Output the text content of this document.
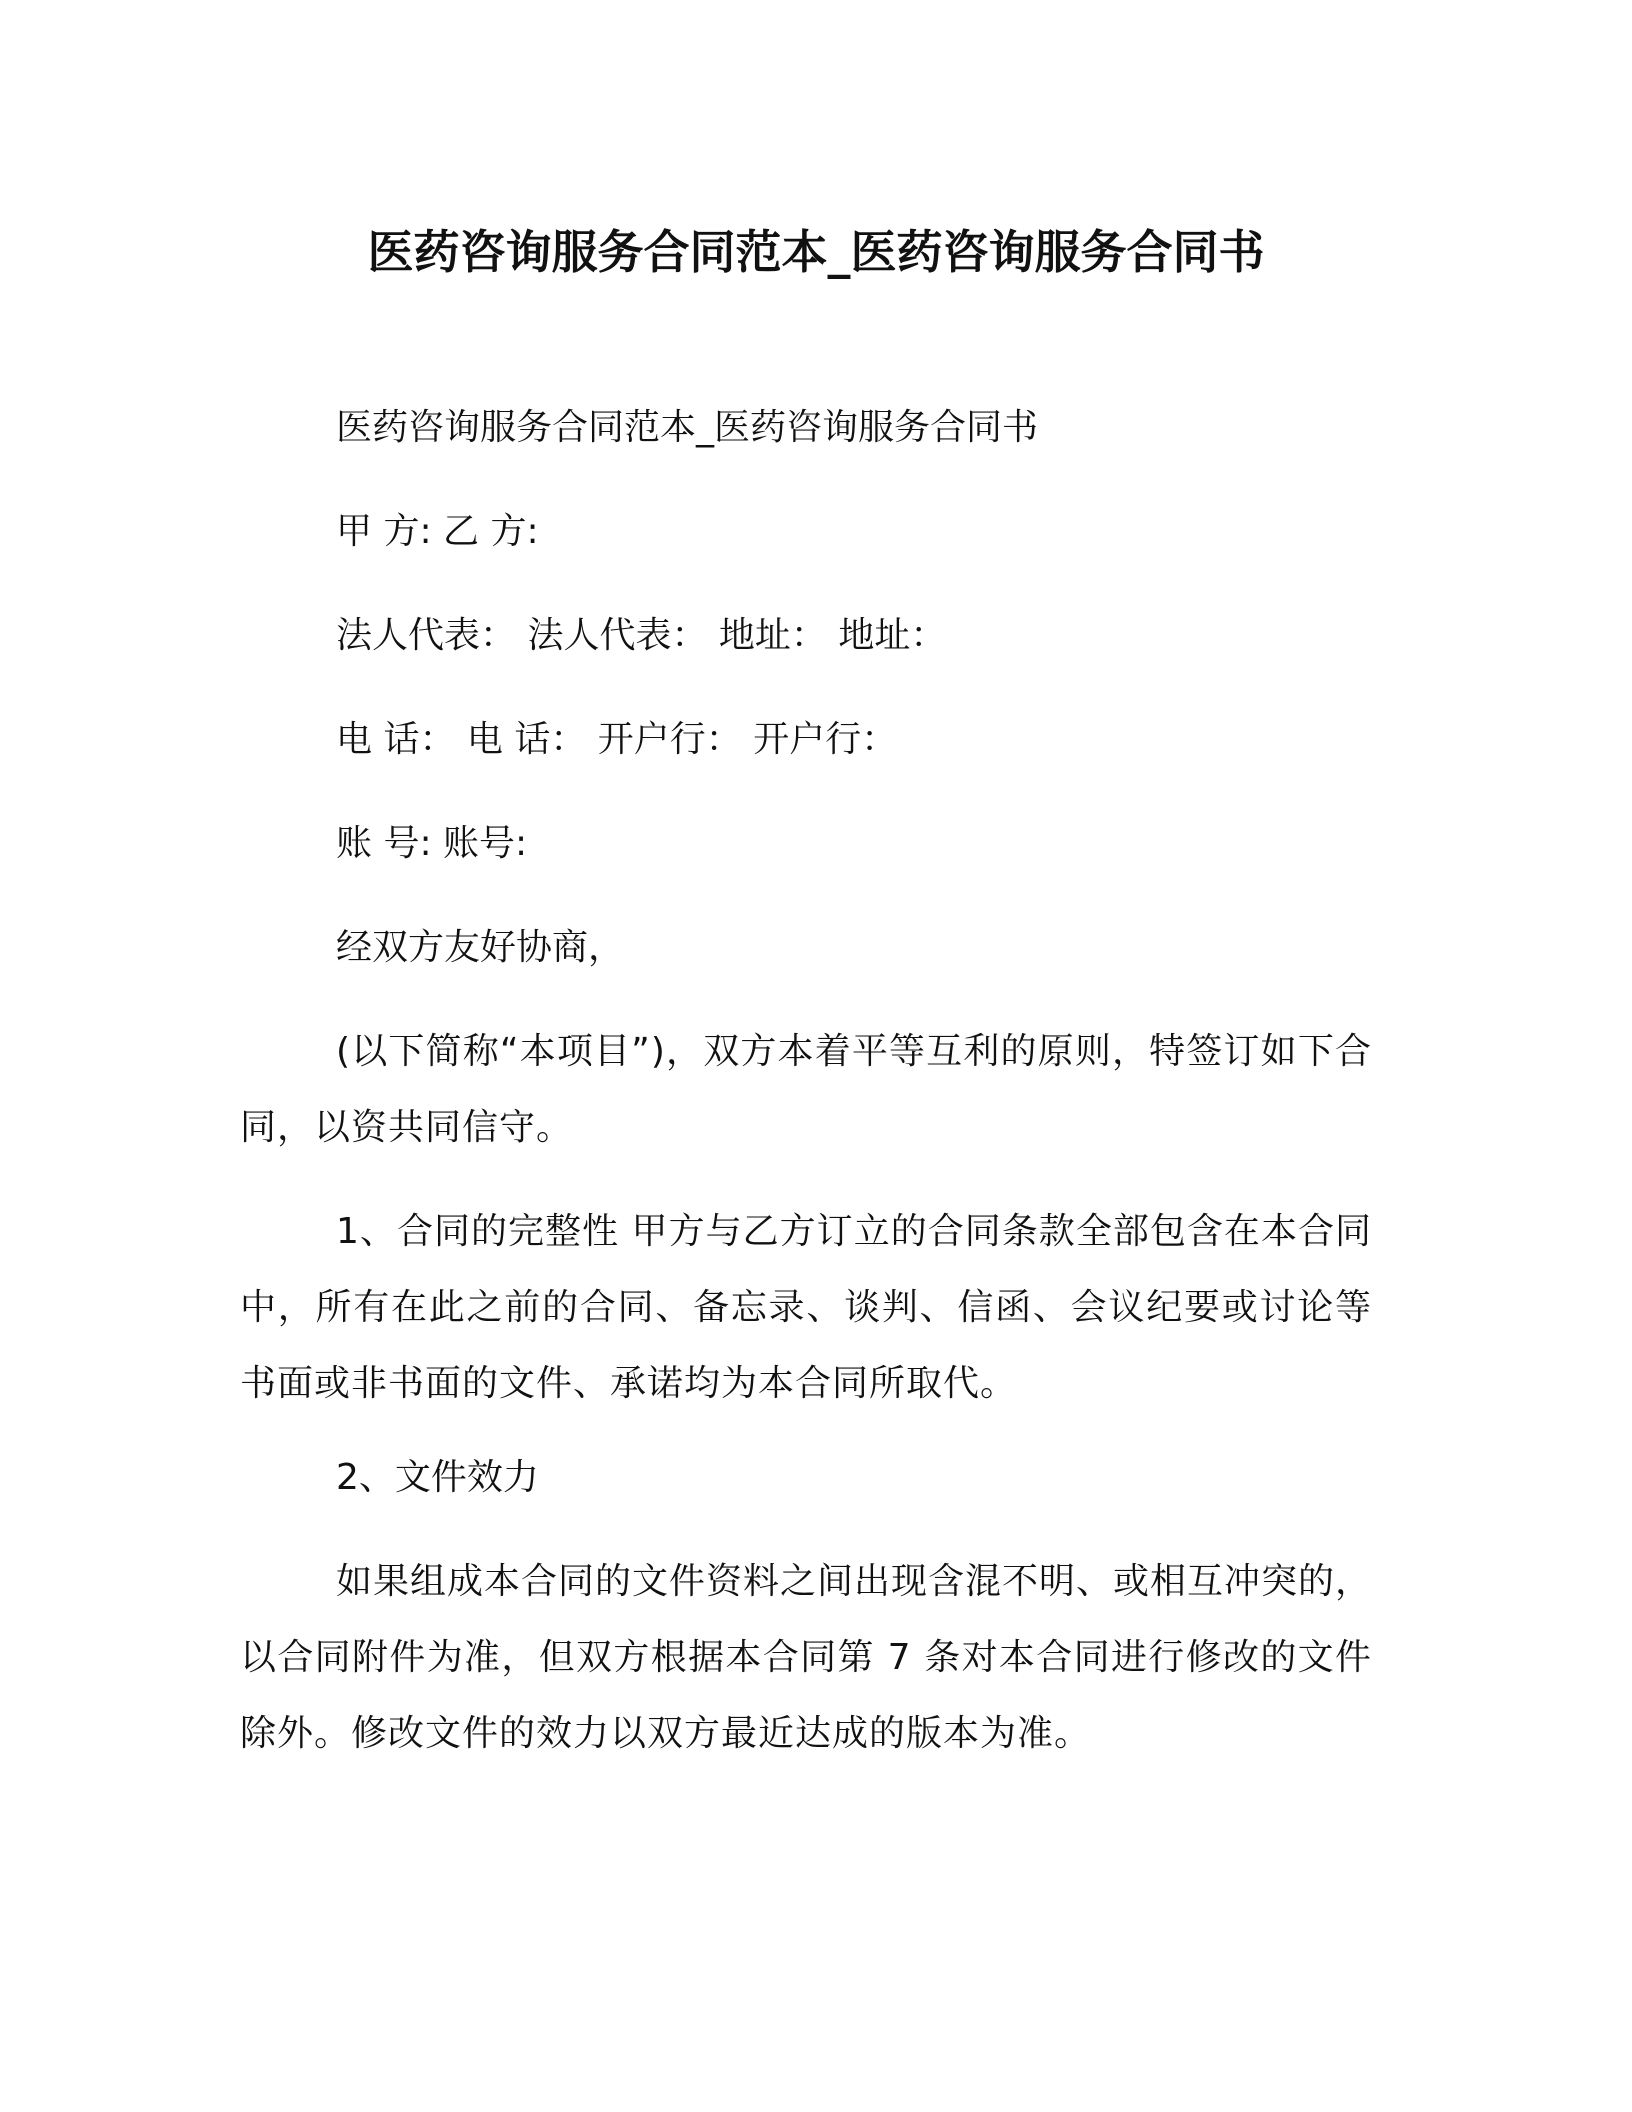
医药咨询服务合同范本_医药咨询服务合同书
医药咨询服务合同范本_医药咨询服务合同书
甲 方: 乙 方:
法人代表： 法人代表： 地址： 地址：
电 话： 电 话： 开户行： 开户行：
账 号: 账号:
经双方友好协商，
(以下简称“本项目”)，双方本着平等互利的原则，特签订如下合同，以资共同信守。
1、合同的完整性 甲方与乙方订立的合同条款全部包含在本合同中，所有在此之前的合同、备忘录、谈判、信函、会议纪要或讨论等书面或非书面的文件、承诺均为本合同所取代。
2、文件效力
如果组成本合同的文件资料之间出现含混不明、或相互冲突的，以合同附件为准，但双方根据本合同第 7 条对本合同进行修改的文件除外。修改文件的效力以双方最近达成的版本为准。
